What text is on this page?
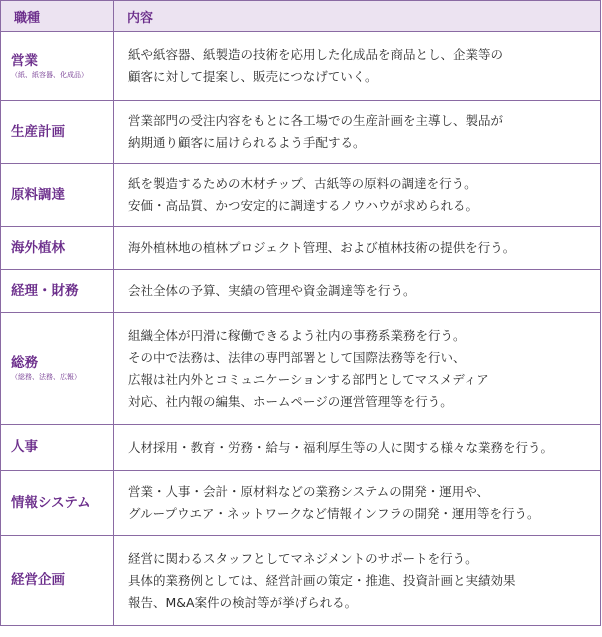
職種	内容

営業
（紙、紙容器、化成品）	紙や紙容器、紙製造の技術を応用した化成品を商品とし、企業等の
顧客に対して提案し、販売につなげていく。

生産計画	営業部門の受注内容をもとに各工場での生産計画を主導し、製品が
納期通り顧客に届けられるよう手配する。

原料調達	紙を製造するための木材チップ、古紙等の原料の調達を行う。
安価・高品質、かつ安定的に調達するノウハウが求められる。

海外植林	海外植林地の植林プロジェクト管理、および植林技術の提供を行う。

経理・財務	会社全体の予算、実績の管理や資金調達等を行う。

総務
（総務、法務、広報）	組織全体が円滑に稼働できるよう社内の事務系業務を行う。
その中で法務は、法律の専門部署として国際法務等を行い、
広報は社内外とコミュニケーションする部門としてマスメディア
対応、社内報の編集、ホームページの運営管理等を行う。

人事	人材採用・教育・労務・給与・福利厚生等の人に関する様々な業務を行う。

情報システム	営業・人事・会計・原材料などの業務システムの開発・運用や、
グループウエア・ネットワークなど情報インフラの開発・運用等を行う。

経営企画	経営に関わるスタッフとしてマネジメントのサポートを行う。
具体的業務例としては、経営計画の策定・推進、投資計画と実績効果
報告、M&A案件の検討等が挙げられる。
